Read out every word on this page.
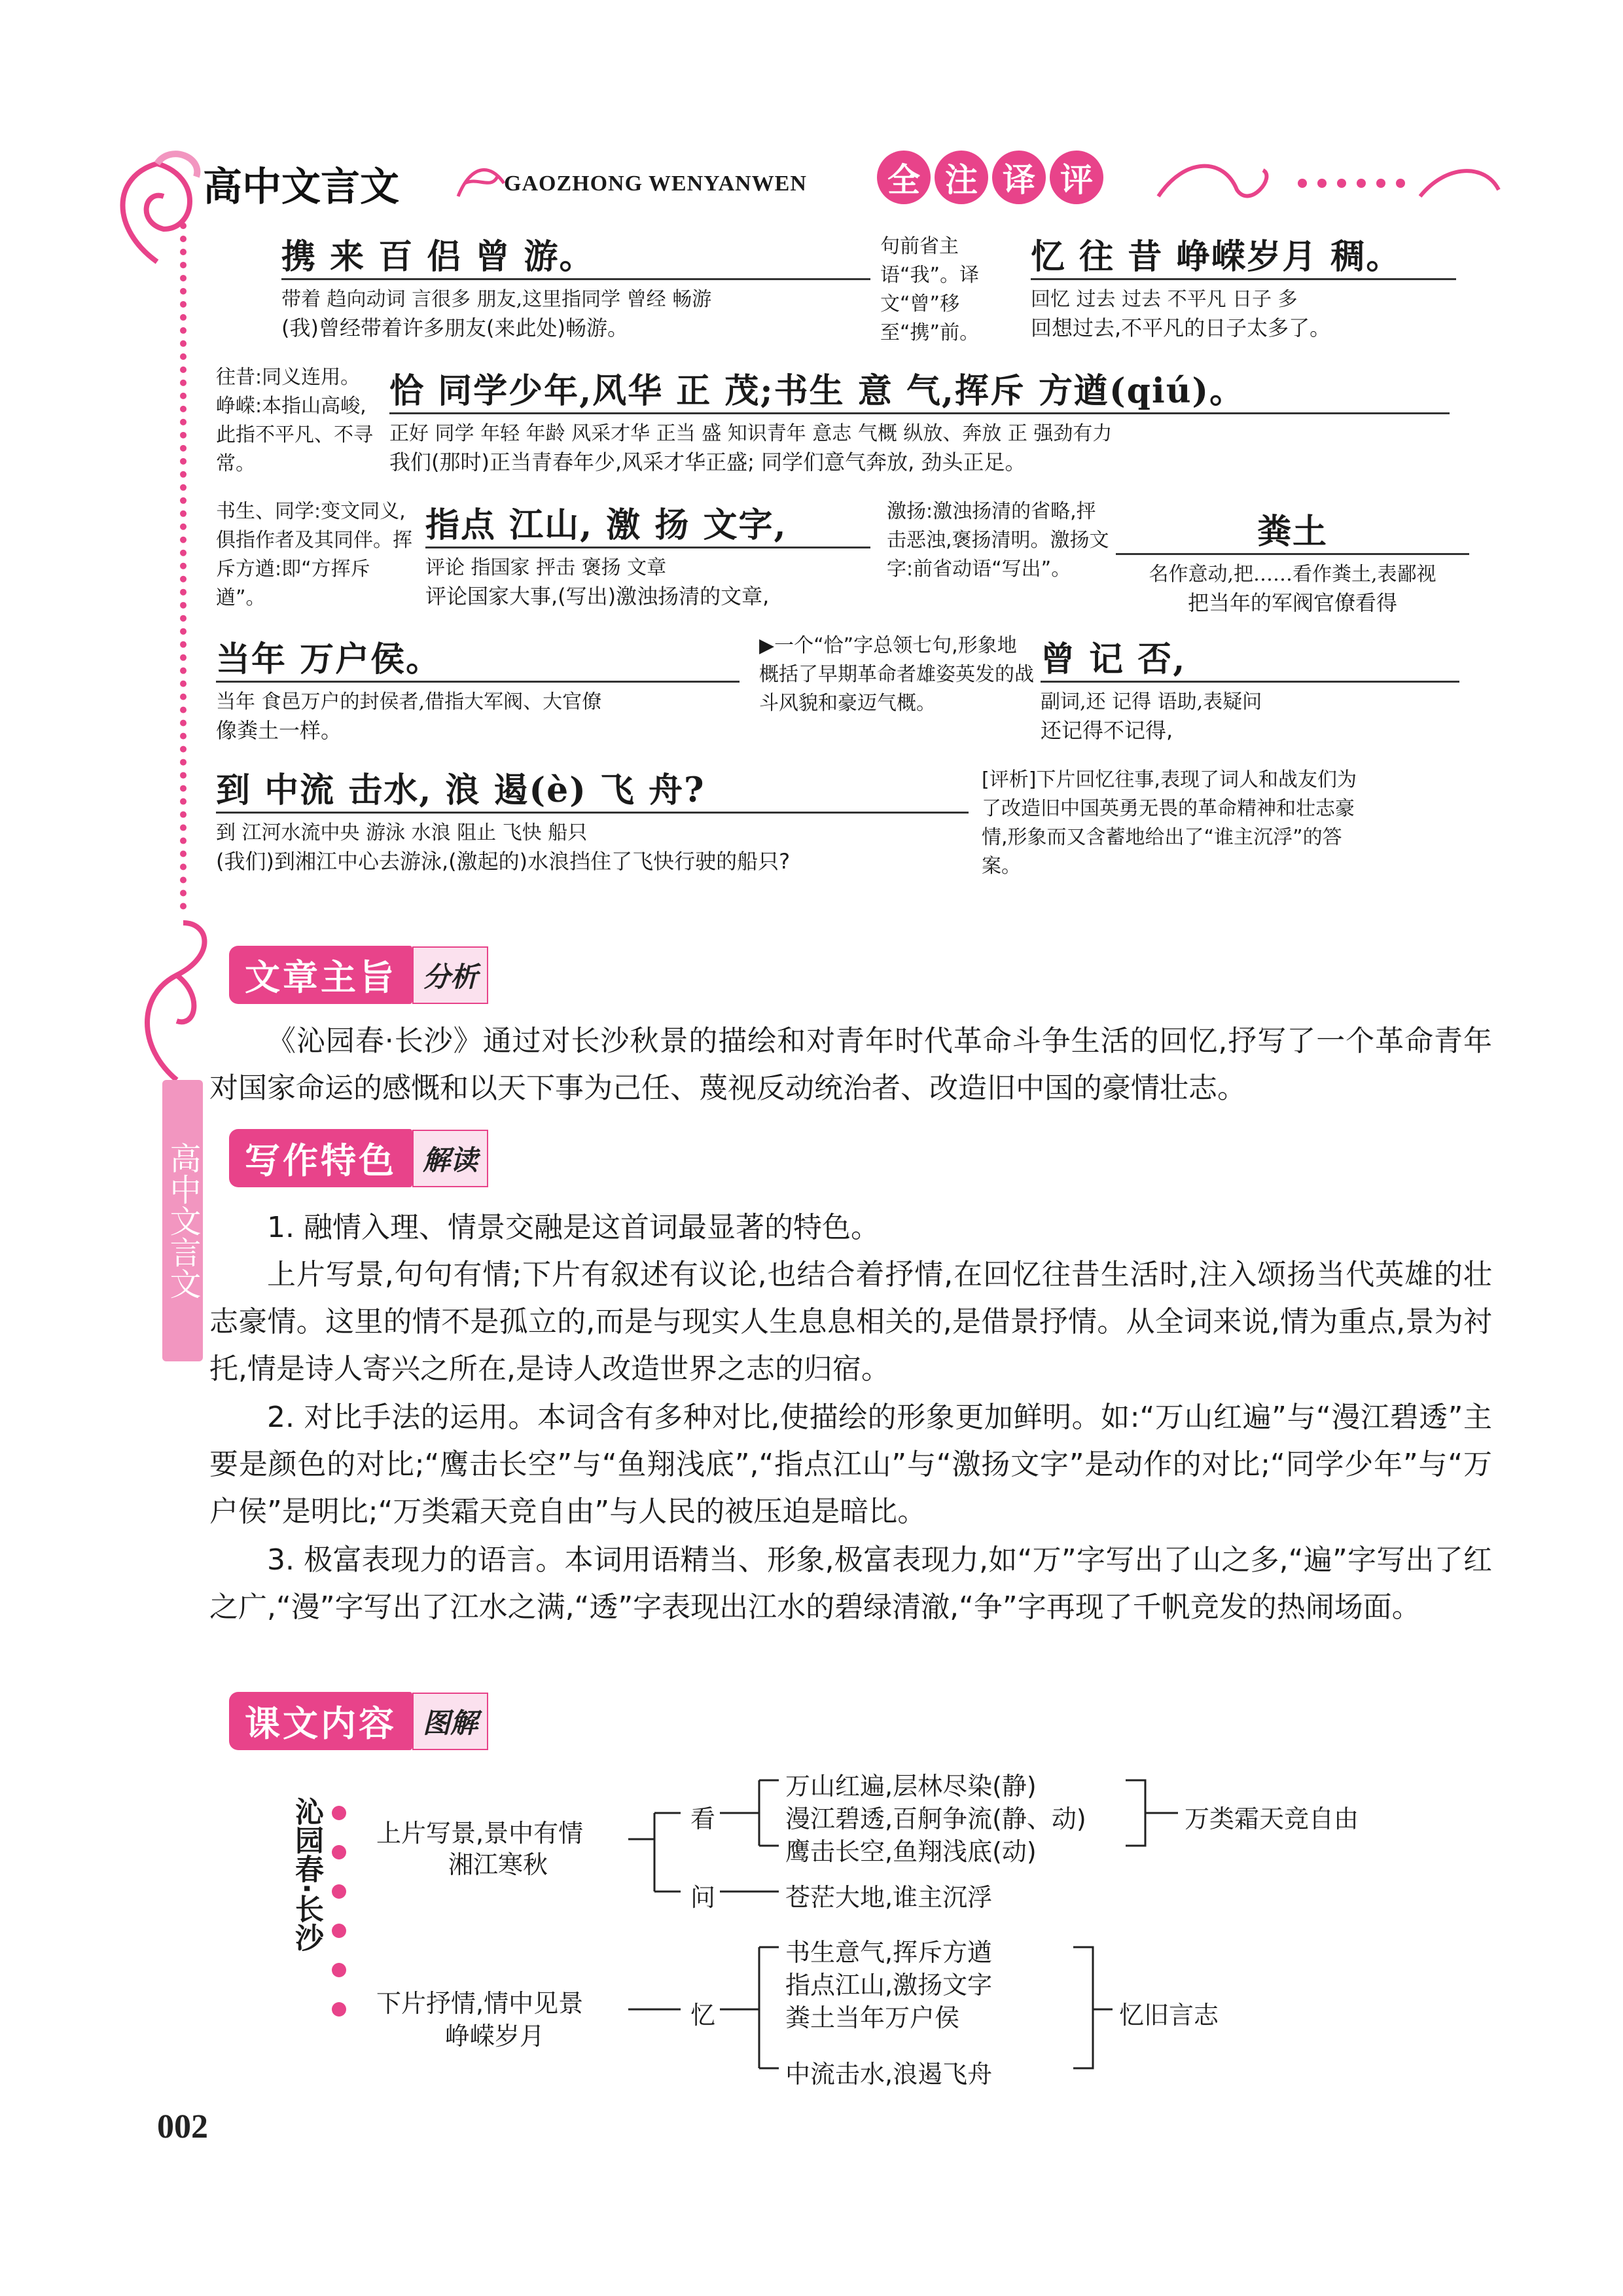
高中文言文	GAOZHONG WENYANWEN	全 注 译 评
高中文言文
002
携 来 百 侣 曾 游。
带着 趋向动词 言很多 朋友,这里指同学 曾经 畅游
(我)曾经带着许多朋友(来此处)畅游。
句前省主语“我”。译文“曾”移至“携”前。
忆 往 昔 峥嵘岁月 稠。
回忆 过去 过去 不平凡 日子 多
回想过去,不平凡的日子太多了。
往昔:同义连用。峥嵘:本指山高峻,此指不平凡、不寻常。
恰 同学少年,风华 正 茂;书生 意 气,挥斥 方遒(qiú)。
正好 同学 年轻 年龄 风采才华 正当 盛 知识青年 意志 气概 纵放、奔放 正 强劲有力
我们(那时)正当青春年少,风采才华正盛; 同学们意气奔放, 劲头正足。
书生、同学:变文同义,俱指作者及其同伴。挥斥方遒:即“方挥斥遒”。
指点 江山, 激 扬 文字,
评论 指国家 抨击 褒扬 文章
评论国家大事,(写出)激浊扬清的文章,
激扬:激浊扬清的省略,抨击恶浊,褒扬清明。激扬文字:前省动语“写出”。
粪土
名作意动,把……看作粪土,表鄙视
把当年的军阀官僚看得
当年 万户侯。
当年 食邑万户的封侯者,借指大军阀、大官僚
像粪土一样。
▶一个“恰”字总领七句,形象地概括了早期革命者雄姿英发的战斗风貌和豪迈气概。
曾 记 否,
副词,还 记得 语助,表疑问
还记得不记得,
到 中流 击水, 浪 遏(è) 飞 舟?
到 江河水流中央 游泳 水浪 阻止 飞快 船只
(我们)到湘江中心去游泳,(激起的)水浪挡住了飞快行驶的船只?
[评析]下片回忆往事,表现了词人和战友们为了改造旧中国英勇无畏的革命精神和壮志豪情,形象而又含蓄地给出了“谁主沉浮”的答案。
文章主旨 分析
《沁园春·长沙》通过对长沙秋景的描绘和对青年时代革命斗争生活的回忆,抒写了一个革命青年对国家命运的感慨和以天下事为己任、蔑视反动统治者、改造旧中国的豪情壮志。
写作特色 解读
1. 融情入理、情景交融是这首词最显著的特色。
上片写景,句句有情;下片有叙述有议论,也结合着抒情,在回忆往昔生活时,注入颂扬当代英雄的壮志豪情。这里的情不是孤立的,而是与现实人生息息相关的,是借景抒情。从全词来说,情为重点,景为衬托,情是诗人寄兴之所在,是诗人改造世界之志的归宿。
2. 对比手法的运用。本词含有多种对比,使描绘的形象更加鲜明。如:“万山红遍”与“漫江碧透”主要是颜色的对比;“鹰击长空”与“鱼翔浅底”,“指点江山”与“激扬文字”是动作的对比;“同学少年”与“万户侯”是明比;“万类霜天竞自由”与人民的被压迫是暗比。
3. 极富表现力的语言。本词用语精当、形象,极富表现力,如“万”字写出了山之多,“遍”字写出了红之广,“漫”字写出了江水之满,“透”字表现出江水的碧绿清澈,“争”字再现了千帆竞发的热闹场面。
课文内容 图解
沁园春·长沙 上片写景,景中有情
湘江寒秋
看
万山红遍,层林尽染(静)
漫江碧透,百舸争流(静、动)
鹰击长空,鱼翔浅底(动)
万类霜天竞自由
问	苍茫大地,谁主沉浮
下片抒情,情中见景
峥嵘岁月
忆
书生意气,挥斥方遒
指点江山,激扬文字
粪土当年万户侯
中流击水,浪遏飞舟
忆旧言志
